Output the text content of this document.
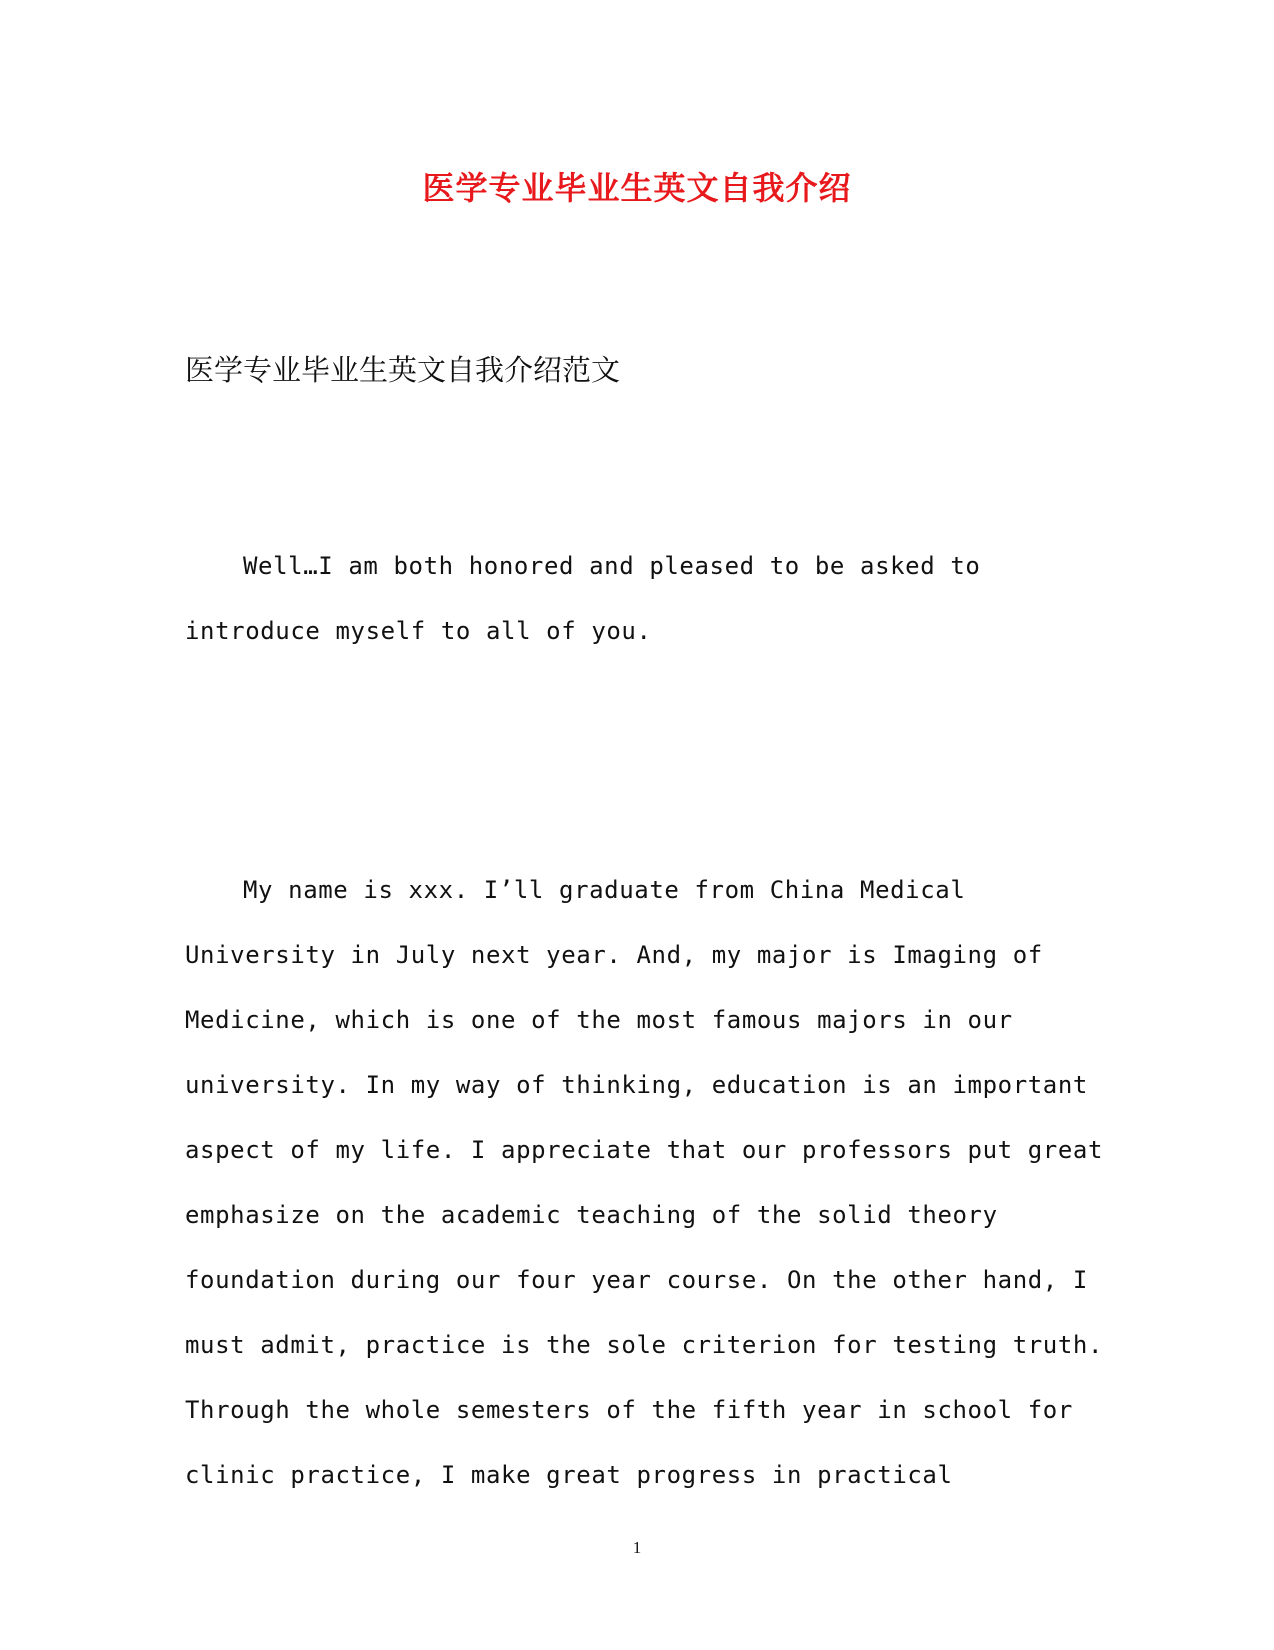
医学专业毕业生英文自我介绍
医学专业毕业生英文自我介绍范文
Well…I am both honored and pleased to be asked to
introduce myself to all of you.
My name is xxx. I’ll graduate from China Medical
University in July next year. And, my major is Imaging of
Medicine, which is one of the most famous majors in our
university. In my way of thinking, education is an important
aspect of my life. I appreciate that our professors put great
emphasize on the academic teaching of the solid theory
foundation during our four year course. On the other hand, I
must admit, practice is the sole criterion for testing truth.
Through the whole semesters of the fifth year in school for
clinic practice, I make great progress in practical
1
